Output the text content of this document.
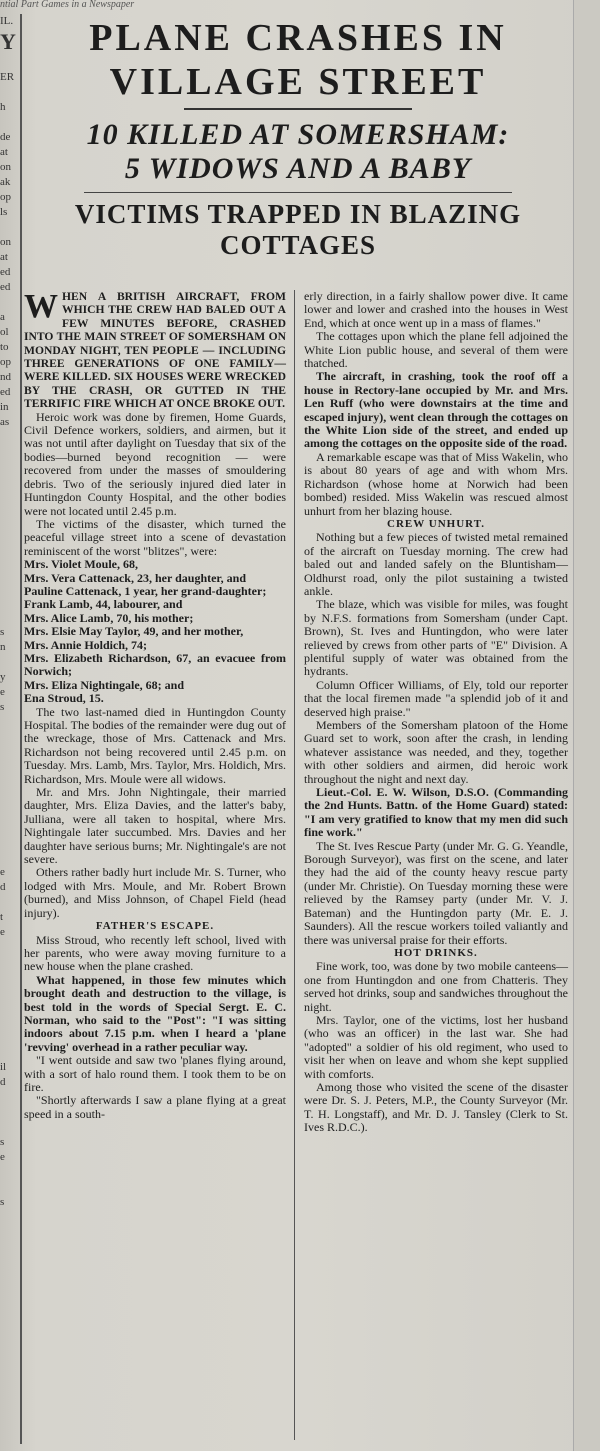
ntial Part Games in a Newspaper
IL.
Y
ER
h
de
at
on
ak
op
ls
on
at
ed
ed
a
ol
to
op
nd
ed
in
as
s
n
y
e
s
e
d
t
e
il
d
s
e
s
PLANE CRASHES IN
VILLAGE STREET
10 KILLED AT SOMERSHAM:
5 WIDOWS AND A BABY
VICTIMS TRAPPED IN BLAZING
COTTAGES

WHEN A BRITISH AIRCRAFT, FROM WHICH THE CREW HAD BALED OUT A FEW MINUTES BEFORE, CRASHED INTO THE MAIN STREET OF SOMERSHAM ON MONDAY NIGHT, TEN PEOPLE — INCLUDING THREE GENERATIONS OF ONE FAMILY—WERE KILLED. SIX HOUSES WERE WRECKED BY THE CRASH, OR GUTTED IN THE TERRIFIC FIRE WHICH AT ONCE BROKE OUT.

Heroic work was done by firemen, Home Guards, Civil Defence workers, soldiers, and airmen, but it was not until after daylight on Tuesday that six of the bodies—burned beyond recognition — were recovered from under the masses of smouldering debris. Two of the seriously injured died later in Huntingdon County Hospital, and the other bodies were not located until 2.45 p.m.

The victims of the disaster, which turned the peaceful village street into a scene of devastation reminiscent of the worst "blitzes", were:

Mrs. Violet Moule, 68,

Mrs. Vera Cattenack, 23, her daughter, and

Pauline Cattenack, 1 year, her grand-daughter;

Frank Lamb, 44, labourer, and

Mrs. Alice Lamb, 70, his mother;

Mrs. Elsie May Taylor, 49, and her mother,

Mrs. Annie Holdich, 74;

Mrs. Elizabeth Richardson, 67, an evacuee from Norwich;

Mrs. Eliza Nightingale, 68; and

Ena Stroud, 15.

The two last-named died in Huntingdon County Hospital. The bodies of the remainder were dug out of the wreckage, those of Mrs. Cattenack and Mrs. Richardson not being recovered until 2.45 p.m. on Tuesday. Mrs. Lamb, Mrs. Taylor, Mrs. Holdich, Mrs. Richardson, Mrs. Moule were all widows.

Mr. and Mrs. John Nightingale, their married daughter, Mrs. Eliza Davies, and the latter's baby, Julliana, were all taken to hospital, where Mrs. Nightingale later succumbed. Mrs. Davies and her daughter have serious burns; Mr. Nightingale's are not severe.

Others rather badly hurt include Mr. S. Turner, who lodged with Mrs. Moule, and Mr. Robert Brown (burned), and Miss Johnson, of Chapel Field (head injury).

FATHER'S ESCAPE.

Miss Stroud, who recently left school, lived with her parents, who were away moving furniture to a new house when the plane crashed.

What happened, in those few minutes which brought death and destruction to the village, is best told in the words of Special Sergt. E. C. Norman, who said to the "Post": "I was sitting indoors about 7.15 p.m. when I heard a 'plane 'revving' overhead in a rather peculiar way.

"I went outside and saw two 'planes flying around, with a sort of halo round them. I took them to be on fire.

"Shortly afterwards I saw a plane flying at a great speed in a south-

erly direction, in a fairly shallow power dive. It came lower and lower and crashed into the houses in West End, which at once went up in a mass of flames."

The cottages upon which the plane fell adjoined the White Lion public house, and several of them were thatched.

The aircraft, in crashing, took the roof off a house in Rectory-lane occupied by Mr. and Mrs. Len Ruff (who were downstairs at the time and escaped injury), went clean through the cottages on the White Lion side of the street, and ended up among the cottages on the opposite side of the road.

A remarkable escape was that of Miss Wakelin, who is about 80 years of age and with whom Mrs. Richardson (whose home at Norwich had been bombed) resided. Miss Wakelin was rescued almost unhurt from her blazing house.

CREW UNHURT.

Nothing but a few pieces of twisted metal remained of the aircraft on Tuesday morning. The crew had baled out and landed safely on the Bluntisham—Oldhurst road, only the pilot sustaining a twisted ankle.

The blaze, which was visible for miles, was fought by N.F.S. formations from Somersham (under Capt. Brown), St. Ives and Huntingdon, who were later relieved by crews from other parts of "E" Division. A plentiful supply of water was obtained from the hydrants.

Column Officer Williams, of Ely, told our reporter that the local firemen made "a splendid job of it and deserved high praise."

Members of the Somersham platoon of the Home Guard set to work, soon after the crash, in lending whatever assistance was needed, and they, together with other soldiers and airmen, did heroic work throughout the night and next day.

Lieut.-Col. E. W. Wilson, D.S.O. (Commanding the 2nd Hunts. Battn. of the Home Guard) stated: "I am very gratified to know that my men did such fine work."

The St. Ives Rescue Party (under Mr. G. G. Yeandle, Borough Surveyor), was first on the scene, and later they had the aid of the county heavy rescue party (under Mr. Christie). On Tuesday morning these were relieved by the Ramsey party (under Mr. V. J. Bateman) and the Huntingdon party (Mr. E. J. Saunders). All the rescue workers toiled valiantly and there was universal praise for their efforts.

HOT DRINKS.

Fine work, too, was done by two mobile canteens—one from Huntingdon and one from Chatteris. They served hot drinks, soup and sandwiches throughout the night.

Mrs. Taylor, one of the victims, lost her husband (who was an officer) in the last war. She had "adopted" a soldier of his old regiment, who used to visit her when on leave and whom she kept supplied with comforts.

Among those who visited the scene of the disaster were Dr. S. J. Peters, M.P., the County Surveyor (Mr. T. H. Longstaff), and Mr. D. J. Tansley (Clerk to St. Ives R.D.C.).
